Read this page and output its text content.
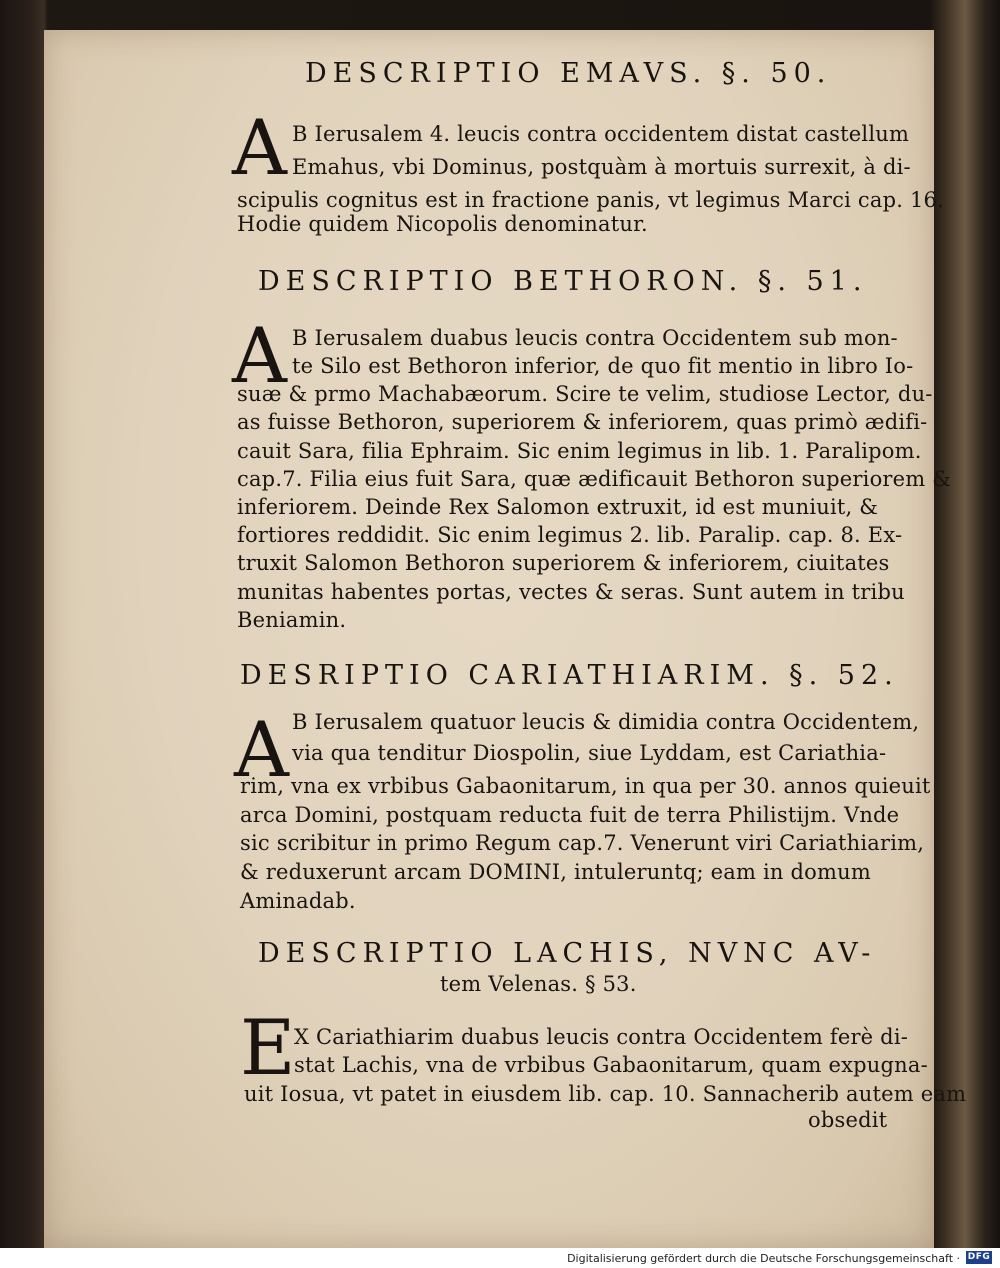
DESCRIPTIO EMAVS. §. 50.
A B Ierusalem 4. leucis contra occidentem distat castellum
Emahus, vbi Dominus, postquàm à mortuis surrexit, à di-
scipulis cognitus est in fractione panis, vt legimus Marci cap. 16.
Hodie quidem Nicopolis denominatur.
DESCRIPTIO BETHORON. §. 51.
A B Ierusalem duabus leucis contra Occidentem sub mon-
te Silo est Bethoron inferior, de quo fit mentio in libro Io-
suæ & prmo Machabæorum. Scire te velim, studiose Lector, du-
as fuisse Bethoron, superiorem & inferiorem, quas primò ædifi-
cauit Sara, filia Ephraim. Sic enim legimus in lib. 1. Paralipom.
cap.7. Filia eius fuit Sara, quæ ædificauit Bethoron superiorem &
inferiorem. Deinde Rex Salomon extruxit, id est muniuit, &
fortiores reddidit. Sic enim legimus 2. lib. Paralip. cap. 8. Ex-
truxit Salomon Bethoron superiorem & inferiorem, ciuitates
munitas habentes portas, vectes & seras. Sunt autem in tribu
Beniamin.
DESRIPTIO CARIATHIARIM. §. 52.
A B Ierusalem quatuor leucis & dimidia contra Occidentem,
via qua tenditur Diospolin, siue Lyddam, est Cariathia-
rim, vna ex vrbibus Gabaonitarum, in qua per 30. annos quieuit
arca Domini, postquam reducta fuit de terra Philistijm. Vnde
sic scribitur in primo Regum cap.7. Venerunt viri Cariathiarim,
& reduxerunt arcam DOMINI, intuleruntq; eam in domum
Aminadab.
DESCRIPTIO LACHIS, NVNC AV-
tem Velenas. § 53.
E
X Cariathiarim duabus leucis contra Occidentem ferè di-
stat Lachis, vna de vrbibus Gabaonitarum, quam expugna-
uit Iosua, vt patet in eiusdem lib. cap. 10. Sannacherib autem eam
obsedit
Digitalisierung gefördert durch die Deutsche Forschungsgemeinschaft · DFG
